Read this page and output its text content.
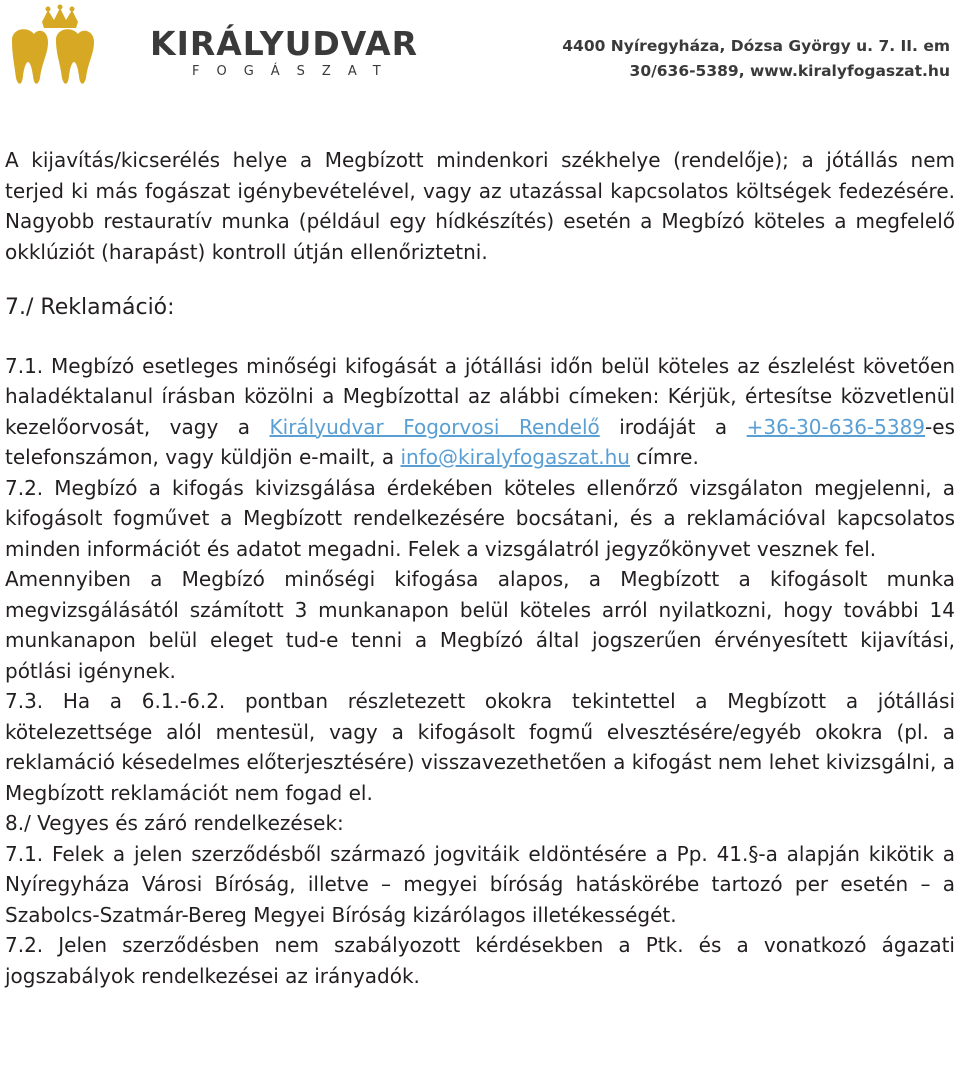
KIRÁLYUDVAR
FOGÁSZAT
4400 Nyíregyháza, Dózsa György u. 7. II. em
30/636-5389, www.kiralyfogaszat.hu

A kijavítás/kicserélés helye a Megbízott mindenkori székhelye (rendelője); a jótállás nem terjed ki más fogászat igénybevételével, vagy az utazással kapcsolatos költségek fedezésére. Nagyobb restauratív munka (például egy hídkészítés) esetén a Megbízó köteles a megfelelő okklúziót (harapást) kontroll útján ellenőriztetni.

7./ Reklamáció:

7.1. Megbízó esetleges minőségi kifogását a jótállási időn belül köteles az észlelést követően haladéktalanul írásban közölni a Megbízottal az alábbi címeken: Kérjük, értesítse közvetlenül kezelőorvosát, vagy a Királyudvar Fogorvosi Rendelő irodáját a +36-30-636-5389-es telefonszámon, vagy küldjön e-mailt, a info@kiralyfogaszat.hu címre.

7.2. Megbízó a kifogás kivizsgálása érdekében köteles ellenőrző vizsgálaton megjelenni, a kifogásolt fogművet a Megbízott rendelkezésére bocsátani, és a reklamációval kapcsolatos minden információt és adatot megadni. Felek a vizsgálatról jegyzőkönyvet vesznek fel.

Amennyiben a Megbízó minőségi kifogása alapos, a Megbízott a kifogásolt munka megvizsgálásától számított 3 munkanapon belül köteles arról nyilatkozni, hogy további 14 munkanapon belül eleget tud-e tenni a Megbízó által jogszerűen érvényesített kijavítási, pótlási igénynek.

7.3. Ha a 6.1.-6.2. pontban részletezett okokra tekintettel a Megbízott a jótállási kötelezettsége alól mentesül, vagy a kifogásolt fogmű elvesztésére/egyéb okokra (pl. a reklamáció késedelmes előterjesztésére) visszavezethetően a kifogást nem lehet kivizsgálni, a Megbízott reklamációt nem fogad el.

8./ Vegyes és záró rendelkezések:

7.1. Felek a jelen szerződésből származó jogvitáik eldöntésére a Pp. 41.§-a alapján kikötik a Nyíregyháza Városi Bíróság, illetve – megyei bíróság hatáskörébe tartozó per esetén – a Szabolcs-Szatmár-Bereg Megyei Bíróság kizárólagos illetékességét.

7.2. Jelen szerződésben nem szabályozott kérdésekben a Ptk. és a vonatkozó ágazati jogszabályok rendelkezései az irányadók.
